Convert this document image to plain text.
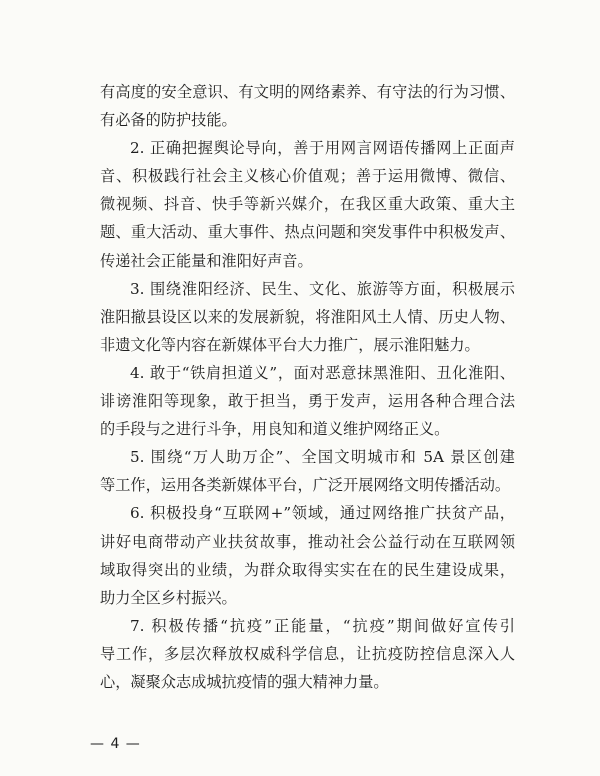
有高度的安全意识、有文明的网络素养、有守法的行为习惯、
有必备的防护技能。
2. 正确把握舆论导向，善于用网言网语传播网上正面声
音、积极践行社会主义核心价值观；善于运用微博、微信、
微视频、抖音、快手等新兴媒介，在我区重大政策、重大主
题、重大活动、重大事件、热点问题和突发事件中积极发声、
传递社会正能量和淮阳好声音。
3. 围绕淮阳经济、民生、文化、旅游等方面，积极展示
淮阳撤县设区以来的发展新貌，将淮阳风土人情、历史人物、
非遗文化等内容在新媒体平台大力推广，展示淮阳魅力。
4. 敢于“铁肩担道义”，面对恶意抹黑淮阳、丑化淮阳、
诽谤淮阳等现象，敢于担当，勇于发声，运用各种合理合法
的手段与之进行斗争，用良知和道义维护网络正义。
5. 围绕“万人助万企”、全国文明城市和 5A 景区创建
等工作，运用各类新媒体平台，广泛开展网络文明传播活动。
6. 积极投身“互联网+”领域，通过网络推广扶贫产品，
讲好电商带动产业扶贫故事，推动社会公益行动在互联网领
域取得突出的业绩，为群众取得实实在在的民生建设成果，
助力全区乡村振兴。
7. 积极传播“抗疫”正能量，“抗疫”期间做好宣传引
导工作，多层次释放权威科学信息，让抗疫防控信息深入人
心，凝聚众志成城抗疫情的强大精神力量。
— 4 —
